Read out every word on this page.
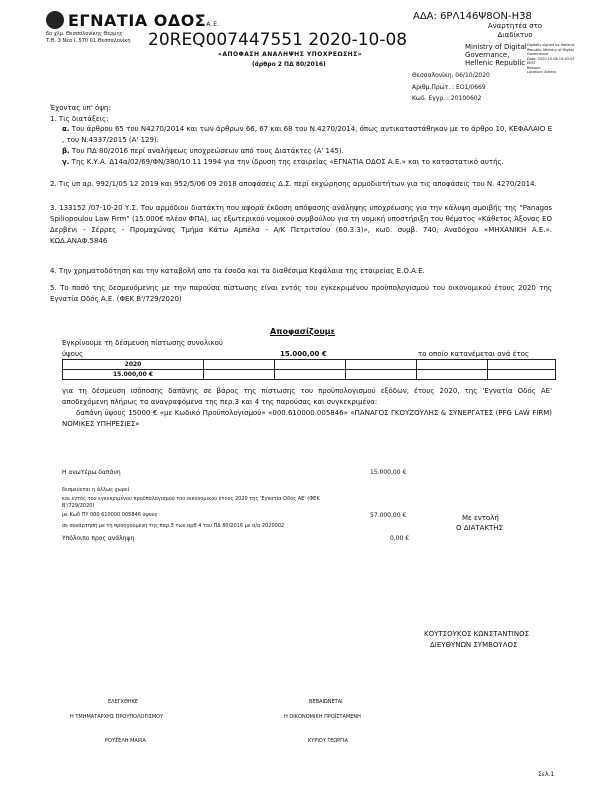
ΕΓΝΑΤΙΑ ΟΔΟΣΑ.Ε.
6ο χλμ. Θεσσαλονίκης Θέρμης
Τ.Θ. 3 Νέα Ι, 570 01 Θεσσαλονίκη
ΑΔΑ: 6ΡΛ146Ψ8ΟΝ-Η38
20REQ007447551 2020-10-08
«ΑΠΟΦΑΣΗ ΑΝΑΛΗΨΗΣ ΥΠΟΧΡΕΩΣΗΣ»
(άρθρο 2 ΠΔ 80/2016)
Αναρτητέα στο Διαδίκτυο
Ministry of Digital
Governance,
Hellenic Republic
Digitally signed by Hellenic
Republic Ministry of Digital
Governance
Date: 2020.10.08 15:43:03
EEST
Reason:
Location: Athens
Θεσσαλονίκη, 06/10/2020
Αριθμ.Πρωτ. : ΕΟ1/0669
Κωδ. Εγγρ. : 20100602
Έχοντας υπ' όψη:
1. Τις διατάξεις:
α. Του άρθρου 65 του Ν4270/2014 και των άρθρων 66, 67 και 68 του Ν.4270/2014, όπως αντικαταστάθηκαν με το άρθρο 10, ΚΕΦΑΛΑΙΟ Ε , του Ν.4337/2015 (Α' 129).
β. Του ΠΔ 80/2016 περί αναλήψεως υποχρεώσεων από τους Διατάκτες (Α' 145).
γ. Της Κ.Υ.Α. Δ14α/02/69/ΦΝ/380/10 11 1994 για την ίδρυση της εταιρείας «ΕΓΝΑΤΙΑ ΟΔΟΣ Α.Ε.» και το καταστατικό αυτής.
2. Τις υπ αρ. 992/1/05 12 2019 και 952/5/06 09 2018 αποφάσεις Δ.Σ. περί εκχώρησης αρμοδιοτήτων για τις αποφάσεις του Ν. 4270/2014.
3. 133152 /07-10-20 Υ.Σ. Του αρμόδιου διατάκτη που αφορά έκδοση απόφασης ανάληψης υποχρέωσης για την κάλυψη αμοιβής της "Panagos Spiliopoulou Law Firm" (15.000€ πλέον ΦΠΑ), ως εξωτερικού νομικού συμβούλου για τη νομική υποστήριξη του θέματος «Κάθετος Άξονας ΕΟ Δερβένι - Σέρρες - Προμαχώνας Τμήμα Κάτω Αμπέλα - Α/Κ Πετριτσίου (60.3.3)», κωδ. συμβ. 740, Αναδόχου «ΜΗΧΑΝΙΚΗ Α.Ε.». ΚΩΔ.ΑΝΑΦ.5846
4. Την χρηματοδότηση και την καταβολή απο τα έσοδα και τα διαθέσιμα Κεφάλαια της εταιρείας Ε.Ο.Α.Ε.
5. Το ποσό της δεσμευόμενης με την παρούσα πίστωσης είναι εντός του εγκεκριμένου προϋπολογισμού του οικονομικού έτους 2020 της Εγνατία Οδός Α.Ε. (ΦΕΚ Β'/729/2020)
Αποφασίζουμε
Εγκρίνουμε τη δέσμευση πίστωσης συνολικού
ύψους	15.000,00 €	το οποίο κατανέμεται ανά έτος
2020					
15.000,00 €					
για τη δέσμευση ισόποσης δαπάνης σε βάρος της πίστωσης του προϋπολογισμού εξόδων, έτους 2020, της 'Εγνατία Οδός ΑΕ' αποδεχόμενη πλήρως τα αναγραφόμενα της περ.3 και 4 της παρούσας και συγκεκριμένα:
δαπάνη ύψους 15000 € «με Κωδικό Προϋπολογισμού» «000.610000.005846» «ΠΑΝΑΓΟΣ ΓΚΟΥΖΟΥΛΗΣ & ΣΥΝΕΡΓΑΤΕΣ (PFG LAW FIRM) ΝΟΜΙΚΕΣ ΥΠΗΡΕΣΙΕΣ»
Η ανωτέρω δαπάνη	15.000,00 €
δεσμεύεται η άλλως χωρεί
και εντός του εγκεκριμένου προϋπολογισμού του οικονομικού έτους 2020 της 'Εγνατία Οδός ΑΕ' (ΦΕΚ
Β'/729/2020)
με Κωδ ΠΥ 000 610000 005846 ύψους	57.000,00 €
σε συνάρτηση με τη προηγούμενη της παρ.3 των αρθ 4 του ΠΔ 80/2016 με α/α 2020002
Υπόλοιπο προς ανάληψη	0,00 €
Με εντολή
Ο ΔΙΑΤΑΚΤΗΣ
ΚΟΥΤΣΟΥΚΟΣ ΚΩΝΣΤΑΝΤΙΝΟΣ
ΔΙΕΥΘΥΝΩΝ ΣΥΜΒΟΥΛΟΣ
ΕΛΕΓΧΘΗΚΕ
Η ΤΜΗΜΑΤΑΡΧΗΣ ΠΡΟΥΠΟΛΟΓΙΣΜΟΥ
ΡΟΥΣΕΛΗ ΜΑΡΙΑ
ΒΕΒΑΙΩΝΕΤΑΙ
Η ΟΙΚΟΝΟΜΙΚΗ ΠΡΟΪΣΤΑΜΕΝΗ
ΚΥΡΙΟΥ ΓΕΩΡΓΙΑ
Σελ.1
